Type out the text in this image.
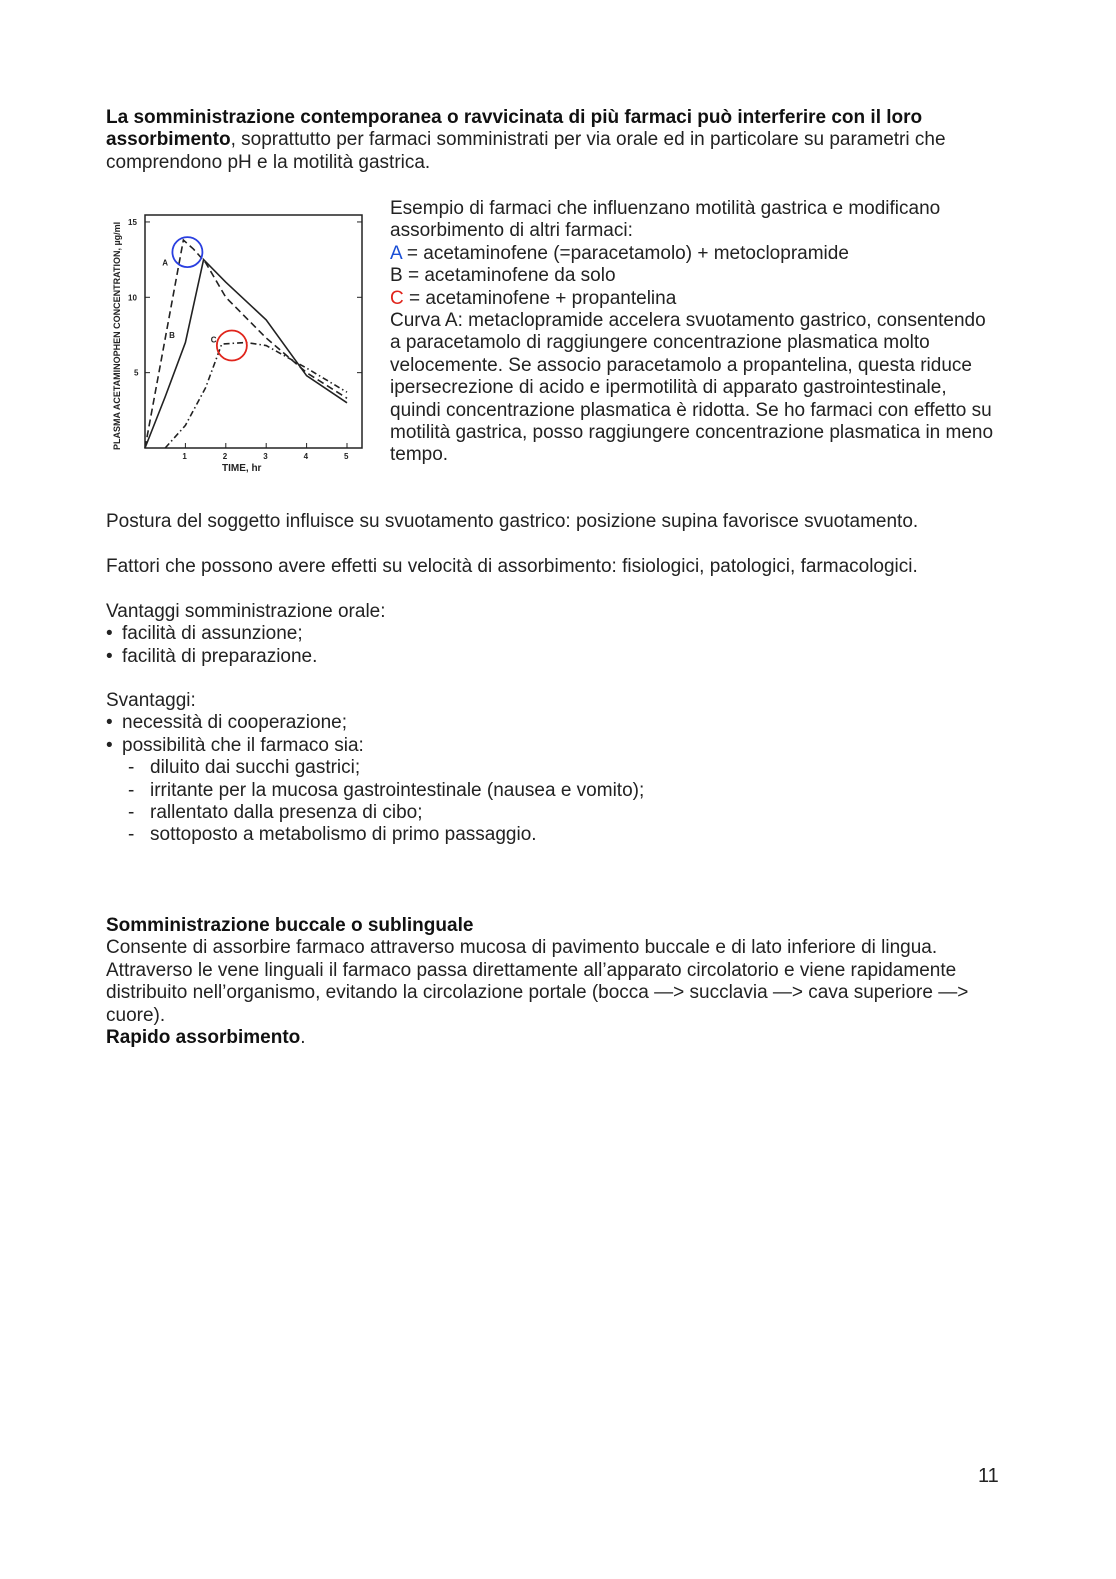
La somministrazione contemporanea o ravvicinata di più farmaci può interferire con il loro assorbimento, soprattutto per farmaci somministrati per via orale ed in particolare su parametri che comprendono pH e la motilità gastrica.

1	2	3	4	5
5
10
15
A
B
C
PLASMA ACETAMINOPHEN CONCENTRATION, µg/ml
TIME, hr

Esempio di farmaci che influenzano motilità gastrica e modificano assorbimento di altri farmaci:

A = acetaminofene (=paracetamolo) + metoclopramide

B = acetaminofene da solo

C = acetaminofene + propantelina

Curva A: metaclopramide accelera svuotamento gastrico, consentendo a paracetamolo di raggiungere concentrazione plasmatica molto velocemente. Se associo paracetamolo a propantelina, questa riduce ipersecrezione di acido e ipermotilità di apparato gastrointestinale, quindi concentrazione plasmatica è ridotta. Se ho farmaci con effetto su motilità gastrica, posso raggiungere concentrazione plasmatica in meno tempo.

Postura del soggetto influisce su svuotamento gastrico: posizione supina favorisce svuotamento.

Fattori che possono avere effetti su velocità di assorbimento: fisiologici, patologici, farmacologici.

Vantaggi somministrazione orale:

• facilità di assunzione;
• facilità di preparazione.

Svantaggi:

• necessità di cooperazione;
• possibilità che il farmaco sia:
- diluito dai succhi gastrici;
- irritante per la mucosa gastrointestinale (nausea e vomito);
- rallentato dalla presenza di cibo;
- sottoposto a metabolismo di primo passaggio.

Somministrazione buccale o sublinguale

Consente di assorbire farmaco attraverso mucosa di pavimento buccale e di lato inferiore di lingua.

Attraverso le vene linguali il farmaco passa direttamente all’apparato circolatorio e viene rapidamente distribuito nell’organismo, evitando la circolazione portale (bocca —> succlavia —> cava superiore —> cuore).

Rapido assorbimento.

11
